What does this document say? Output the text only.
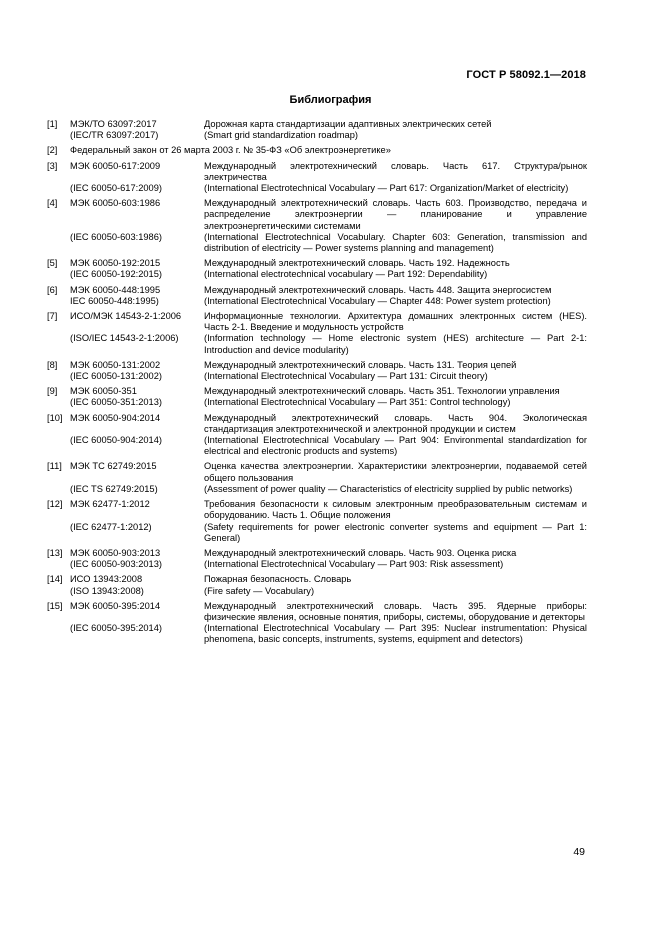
ГОСТ Р 58092.1—2018
Библиография
[1]	МЭК/ТО 63097:2017	Дорожная карта стандартизации адаптивных электрических сетей
(IEC/TR 63097:2017)	(Smart grid standardization roadmap)
[2]	Федеральный закон от 26 марта 2003 г. № 35-ФЗ «Об электроэнергетике»
[3]	МЭК 60050-617:2009	Международный электротехнический словарь. Часть 617. Структура/рынок электричества
(IEC 60050-617:2009)	(International Electrotechnical Vocabulary — Part 617: Organization/Market of electricity)
[4]	МЭК 60050-603:1986	Международный электротехнический словарь. Часть 603. Производство, передача и распределение электроэнергии — планирование и управление электроэнергетическими системами
(IEC 60050-603:1986)	(International Electrotechnical Vocabulary. Chapter 603: Generation, transmission and distribution of electricity — Power systems planning and management)
[5]	МЭК 60050-192:2015	Международный электротехнический словарь. Часть 192. Надежность
(IEC 60050-192:2015)	(International electrotechnical vocabulary — Part 192: Dependability)
[6]	МЭК 60050-448:1995	Международный электротехнический словарь. Часть 448. Защита энергосистем
IEC 60050-448:1995)	(International Electrotechnical Vocabulary — Chapter 448: Power system protection)
[7]	ИСО/МЭК 14543-2-1:2006	Информационные технологии. Архитектура домашних электронных систем (HES). Часть 2-1. Введение и модульность устройств
(ISO/IEC 14543-2-1:2006)	(Information technology — Home electronic system (HES) architecture — Part 2-1: Introduction and device modularity)
[8]	МЭК 60050-131:2002	Международный электротехнический словарь. Часть 131. Теория цепей
(IEC 60050-131:2002)	(International Electrotechnical Vocabulary — Part 131: Circuit theory)
[9]	МЭК 60050-351	Международный электротехнический словарь. Часть 351. Технологии управления
(IEC 60050-351:2013)	(International Electrotechnical Vocabulary — Part 351: Control technology)
[10] МЭК 60050-904:2014	Международный электротехнический словарь. Часть 904. Экологическая стандартизация электротехнической и электронной продукции и систем
(IEC 60050-904:2014)	(International Electrotechnical Vocabulary — Part 904: Environmental standardization for electrical and electronic products and systems)
[11] МЭК ТС 62749:2015	Оценка качества электроэнергии. Характеристики электроэнергии, подаваемой сетей общего пользования
(IEC TS 62749:2015)	(Assessment of power quality — Characteristics of electricity supplied by public networks)
[12] МЭК 62477-1:2012	Требования безопасности к силовым электронным преобразовательным системам и оборудованию. Часть 1. Общие положения
(IEC 62477-1:2012)	(Safety requirements for power electronic converter systems and equipment — Part 1: General)
[13] МЭК 60050-903:2013	Международный электротехнический словарь. Часть 903. Оценка риска
(IEC 60050-903:2013)	(International Electrotechnical Vocabulary — Part 903: Risk assessment)
[14] ИСО 13943:2008	Пожарная безопасность. Словарь
(ISO 13943:2008)	(Fire safety — Vocabulary)
[15] МЭК 60050-395:2014	Международный электротехнический словарь. Часть 395. Ядерные приборы: физические явления, основные понятия, приборы, системы, оборудование и детекторы
(IEC 60050-395:2014)	(International Electrotechnical Vocabulary — Part 395: Nuclear instrumentation: Physical phenomena, basic concepts, instruments, systems, equipment and detectors)
49
